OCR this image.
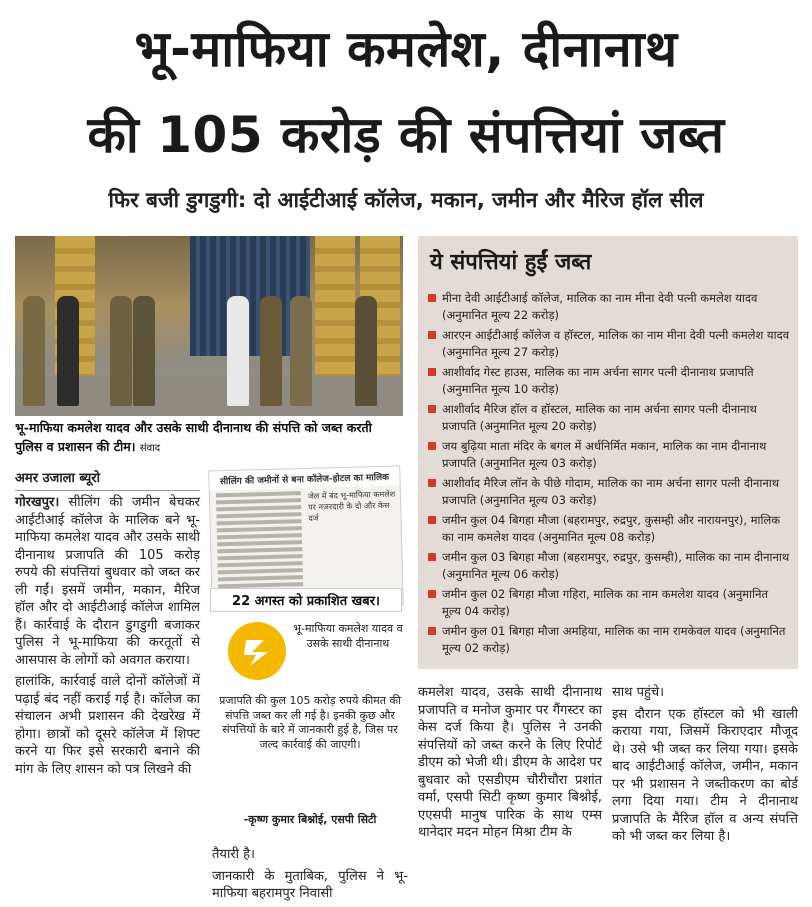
भू-माफिया कमलेश, दीनानाथ
की 105 करोड़ की संपत्तियां जब्त
फिर बजी डुगडुगी: दो आईटीआई कॉलेज, मकान, जमीन और मैरिज हॉल सील
भू-माफिया कमलेश यादव और उसके साथी दीनानाथ की संपत्ति को जब्त करती पुलिस व प्रशासन की टीम। संवाद
ये संपत्तियां हुईं जब्त
मीना देवी आईटीआई कॉलेज, मालिक का नाम मीना देवी पत्नी कमलेश यादव (अनुमानित मूल्य 22 करोड़)
आरएन आईटीआई कॉलेज व हॉस्टल, मालिक का नाम मीना देवी पत्नी कमलेश यादव (अनुमानित मूल्य 27 करोड़)
आशीर्वाद गेस्ट हाउस, मालिक का नाम अर्चना सागर पत्नी दीनानाथ प्रजापति (अनुमानित मूल्य 10 करोड़)
आशीर्वाद मैरिज हॉल व हॉस्टल, मालिक का नाम अर्चना सागर पत्नी दीनानाथ प्रजापति (अनुमानित मूल्य 20 करोड़)
जय बुढ़िया माता मंदिर के बगल में अर्धनिर्मित मकान, मालिक का नाम दीनानाथ प्रजापति (अनुमानित मूल्य 03 करोड़)
आशीर्वाद मैरिज लॉन के पीछे गोदाम, मालिक का नाम अर्चना सागर पत्नी दीनानाथ प्रजापति (अनुमानित मूल्य 03 करोड़)
जमीन कुल 04 बिगहा मौजा (बहरामपुर, रुद्रपुर, कुसम्ही और नारायनपुर), मालिक का नाम कमलेश यादव (अनुमानित मूल्य 08 करोड़)
जमीन कुल 03 बिगहा मौजा (बहरामपुर, रुद्रपुर, कुसम्ही), मालिक का नाम दीनानाथ (अनुमानित मूल्य 06 करोड़)
जमीन कुल 02 बिगहा मौजा गहिरा, मालिक का नाम कमलेश यादव (अनुमानित मूल्य 04 करोड़)
जमीन कुल 01 बिगहा मौजा अमहिया, मालिक का नाम रामकेवल यादव (अनुमानित मूल्य 02 करोड़)
अमर उजाला ब्यूरो

गोरखपुर। सीलिंग की जमीन बेचकर आईटीआई कॉलेज के मालिक बने भू-माफिया कमलेश यादव और उसके साथी दीनानाथ प्रजापति की 105 करोड़ रुपये की संपत्तियां बुधवार को जब्त कर ली गईं। इसमें जमीन, मकान, मैरिज हॉल और दो आईटीआई कॉलेज शामिल हैं। कार्रवाई के दौरान डुगडुगी बजाकर पुलिस ने भू-माफिया की करतूतों से आसपास के लोगों को अवगत कराया।

हालांकि, कार्रवाई वाले दोनों कॉलेजों में पढ़ाई बंद नहीं कराई गई है। कॉलेज का संचालन अभी प्रशासन की देखरेख में होगा। छात्रों को दूसरे कॉलेज में शिफ्ट करने या फिर इसे सरकारी बनाने की मांग के लिए शासन को पत्र लिखने की

सीलिंग की जमीनों से बना कॉलेज-होटल का मालिक
जेल में बंद भू-माफिया कमलेश पर नजरदारी के दो और केस दर्ज
22 अगस्त को प्रकाशित खबर।
भू-माफिया कमलेश यादव व उसके साथी दीनानाथ
प्रजापति की कुल 105 करोड़ रुपये कीमत की संपत्ति जब्त कर ली गई है। इनकी कुछ और संपत्तियों के बारे में जानकारी हुई है, जिस पर जल्द कार्रवाई की जाएगी।
-कृष्ण कुमार बिश्नोई, एसपी सिटी

तैयारी है।

जानकारी के मुताबिक, पुलिस ने भू-माफिया बहरामपुर निवासी

कमलेश यादव, उसके साथी दीनानाथ प्रजापति व मनोज कुमार पर गैंगस्टर का केस दर्ज किया है। पुलिस ने उनकी संपत्तियों को जब्त करने के लिए रिपोर्ट डीएम को भेजी थी। डीएम के आदेश पर बुधवार को एसडीएम चौरीचौरा प्रशांत वर्मा, एसपी सिटी कृष्ण कुमार बिश्नोई, एएसपी मानुष पारिक के साथ एम्स थानेदार मदन मोहन मिश्रा टीम के

साथ पहुंचे।

इस दौरान एक हॉस्टल को भी खाली कराया गया, जिसमें किराएदार मौजूद थे। उसे भी जब्त कर लिया गया। इसके बाद आईटीआई कॉलेज, जमीन, मकान पर भी प्रशासन ने जब्तीकरण का बोर्ड लगा दिया गया। टीम ने दीनानाथ प्रजापति के मैरिज हॉल व अन्य संपत्ति को भी जब्त कर लिया है।
